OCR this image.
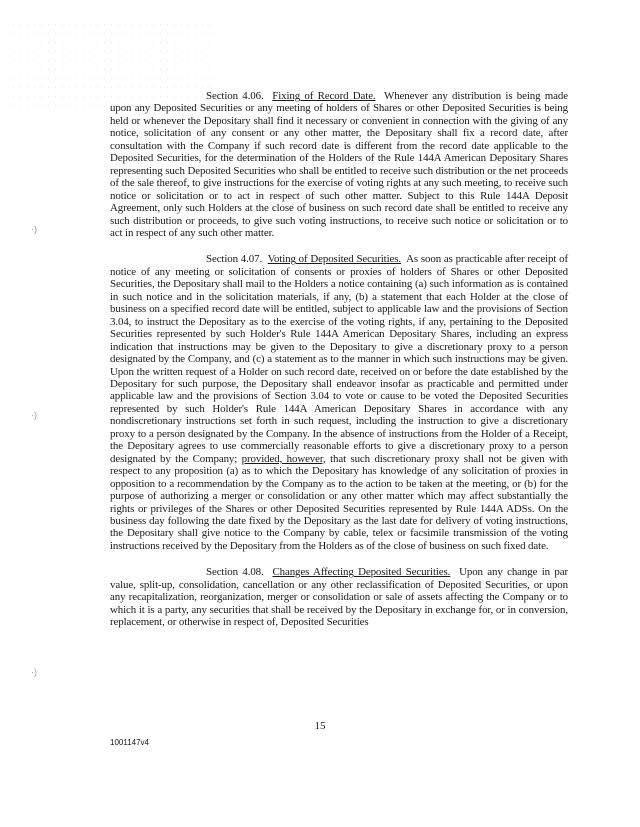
·)
·)
·)

Section 4.06. Fixing of Record Date. Whenever any distribution is being made upon any Deposited Securities or any meeting of holders of Shares or other Deposited Securities is being held or whenever the Depositary shall find it necessary or convenient in connection with the giving of any notice, solicitation of any consent or any other matter, the Depositary shall fix a record date, after consultation with the Company if such record date is different from the record date applicable to the Deposited Securities, for the determination of the Holders of the Rule 144A American Depositary Shares representing such Deposited Securities who shall be entitled to receive such distribution or the net proceeds of the sale thereof, to give instructions for the exercise of voting rights at any such meeting, to receive such notice or solicitation or to act in respect of such other matter. Subject to this Rule 144A Deposit Agreement, only such Holders at the close of business on such record date shall be entitled to receive any such distribution or proceeds, to give such voting instructions, to receive such notice or solicitation or to act in respect of any such other matter.

Section 4.07. Voting of Deposited Securities. As soon as practicable after receipt of notice of any meeting or solicitation of consents or proxies of holders of Shares or other Deposited Securities, the Depositary shall mail to the Holders a notice containing (a) such information as is contained in such notice and in the solicitation materials, if any, (b) a statement that each Holder at the close of business on a specified record date will be entitled, subject to applicable law and the provisions of Section 3.04, to instruct the Depositary as to the exercise of the voting rights, if any, pertaining to the Deposited Securities represented by such Holder's Rule 144A American Depositary Shares, including an express indication that instructions may be given to the Depositary to give a discretionary proxy to a person designated by the Company, and (c) a statement as to the manner in which such instructions may be given. Upon the written request of a Holder on such record date, received on or before the date established by the Depositary for such purpose, the Depositary shall endeavor insofar as practicable and permitted under applicable law and the provisions of Section 3.04 to vote or cause to be voted the Deposited Securities represented by such Holder's Rule 144A American Depositary Shares in accordance with any nondiscretionary instructions set forth in such request, including the instruction to give a discretionary proxy to a person designated by the Company. In the absence of instructions from the Holder of a Receipt, the Depositary agrees to use commercially reasonable efforts to give a discretionary proxy to a person designated by the Company; provided, however, that such discretionary proxy shall not be given with respect to any proposition (a) as to which the Depositary has knowledge of any solicitation of proxies in opposition to a recommendation by the Company as to the action to be taken at the meeting, or (b) for the purpose of authorizing a merger or consolidation or any other matter which may affect substantially the rights or privileges of the Shares or other Deposited Securities represented by Rule 144A ADSs. On the business day following the date fixed by the Depositary as the last date for delivery of voting instructions, the Depositary shall give notice to the Company by cable, telex or facsimile transmission of the voting instructions received by the Depositary from the Holders as of the close of business on such fixed date.

Section 4.08. Changes Affecting Deposited Securities. Upon any change in par value, split-up, consolidation, cancellation or any other reclassification of Deposited Securities, or upon any recapitalization, reorganization, merger or consolidation or sale of assets affecting the Company or to which it is a party, any securities that shall be received by the Depositary in exchange for, or in conversion, replacement, or otherwise in respect of, Deposited Securities

15
1001147v4
